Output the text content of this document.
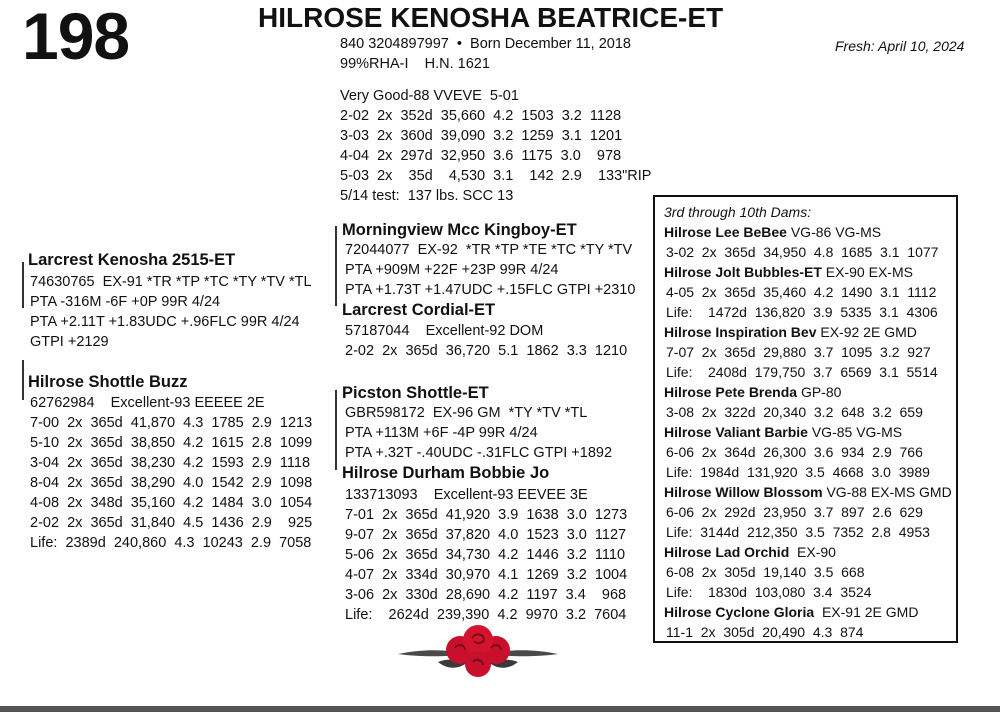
198	HILROSE KENOSHA BEATRICE-ET
840 3204897997  •  Born December 11, 2018
99%RHA-I    H.N. 1621
Fresh: April 10, 2024
Very Good-88 VVEVE  5-01
2-02  2x  352d  35,660  4.2  1503  3.2  1128
3-03  2x  360d  39,090  3.2  1259  3.1  1201
4-04  2x  297d  32,950  3.6  1175  3.0    978
5-03  2x    35d    4,530  3.1    142  2.9    133"RIP
5/14 test:  137 lbs. SCC 13
Larcrest Kenosha 2515-ET
74630765  EX-91 *TR *TP *TC *TY *TV *TL
PTA -316M -6F +0P 99R 4/24
PTA +2.11T +1.83UDC +.96FLC 99R 4/24
GTPI +2129
Hilrose Shottle Buzz
62762984    Excellent-93 EEEEE 2E
7-00  2x  365d  41,870  4.3  1785  2.9  1213
5-10  2x  365d  38,850  4.2  1615  2.8  1099
3-04  2x  365d  38,230  4.2  1593  2.9  1118
8-04  2x  365d  38,290  4.0  1542  2.9  1098
4-08  2x  348d  35,160  4.2  1484  3.0  1054
2-02  2x  365d  31,840  4.5  1436  2.9    925
Life:  2389d  240,860  4.3  10243  2.9  7058
Morningview Mcc Kingboy-ET
72044077  EX-92  *TR *TP *TE *TC *TY *TV
PTA +909M +22F +23P 99R 4/24
PTA +1.73T +1.47UDC +.15FLC GTPI +2310
Larcrest Cordial-ET
57187044    Excellent-92 DOM
2-02  2x  365d  36,720  5.1  1862  3.3  1210
Picston Shottle-ET
GBR598172  EX-96 GM  *TY *TV *TL
PTA +113M +6F -4P 99R 4/24
PTA +.32T -.40UDC -.31FLC GTPI +1892
Hilrose Durham Bobbie Jo
133713093    Excellent-93 EEVEE 3E
7-01  2x  365d  41,920  3.9  1638  3.0  1273
9-07  2x  365d  37,820  4.0  1523  3.0  1127
5-06  2x  365d  34,730  4.2  1446  3.2  1110
4-07  2x  334d  30,970  4.1  1269  3.2  1004
3-06  2x  330d  28,690  4.2  1197  3.4    968
Life:    2624d  239,390  4.2  9970  3.2  7604
3rd through 10th Dams:
Hilrose Lee BeBee VG-86 VG-MS
3-02  2x  365d  34,950  4.8  1685  3.1  1077
Hilrose Jolt Bubbles-ET EX-90 EX-MS
4-05  2x  365d  35,460  4.2  1490  3.1  1112
Life:    1472d  136,820  3.9  5335  3.1  4306
Hilrose Inspiration Bev EX-92 2E GMD
7-07  2x  365d  29,880  3.7  1095  3.2  927
Life:    2408d  179,750  3.7  6569  3.1  5514
Hilrose Pete Brenda GP-80
3-08  2x  322d  20,340  3.2  648  3.2  659
Hilrose Valiant Barbie VG-85 VG-MS
6-06  2x  364d  26,300  3.6  934  2.9  766
Life:  1984d  131,920  3.5  4668  3.0  3989
Hilrose Willow Blossom VG-88 EX-MS GMD
6-06  2x  292d  23,950  3.7  897  2.6  629
Life:  3144d  212,350  3.5  7352  2.8  4953
Hilrose Lad Orchid  EX-90
6-08  2x  305d  19,140  3.5  668
Life:    1830d  103,080  3.4  3524
Hilrose Cyclone Gloria  EX-91 2E GMD
11-1  2x  305d  20,490  4.3  874
